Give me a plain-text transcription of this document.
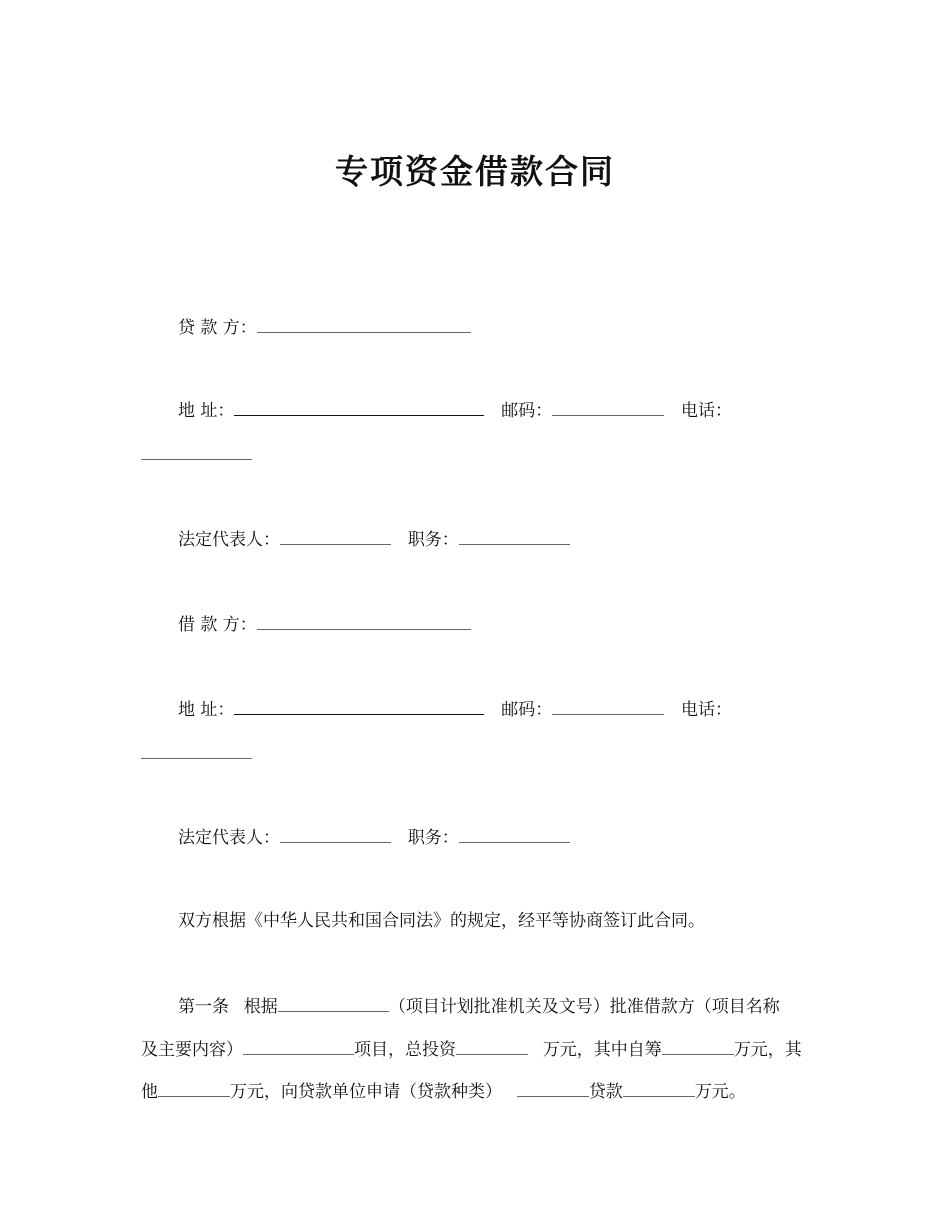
专项资金借款合同
贷 款 方：
地 址：	邮码：	电话：
法定代表人：	职务：
借 款 方：
地 址：	邮码：	电话：
法定代表人：	职务：
双方根据《中华人民共和国合同法》的规定，经平等协商签订此合同。
第一条 根据	（项目计划批准机关及文号）批准借款方（项目名称
及主要内容）	项目，总投资	万元，其中自筹	万元，其
他	万元，向贷款单位申请（贷款种类）	贷款	万元。
